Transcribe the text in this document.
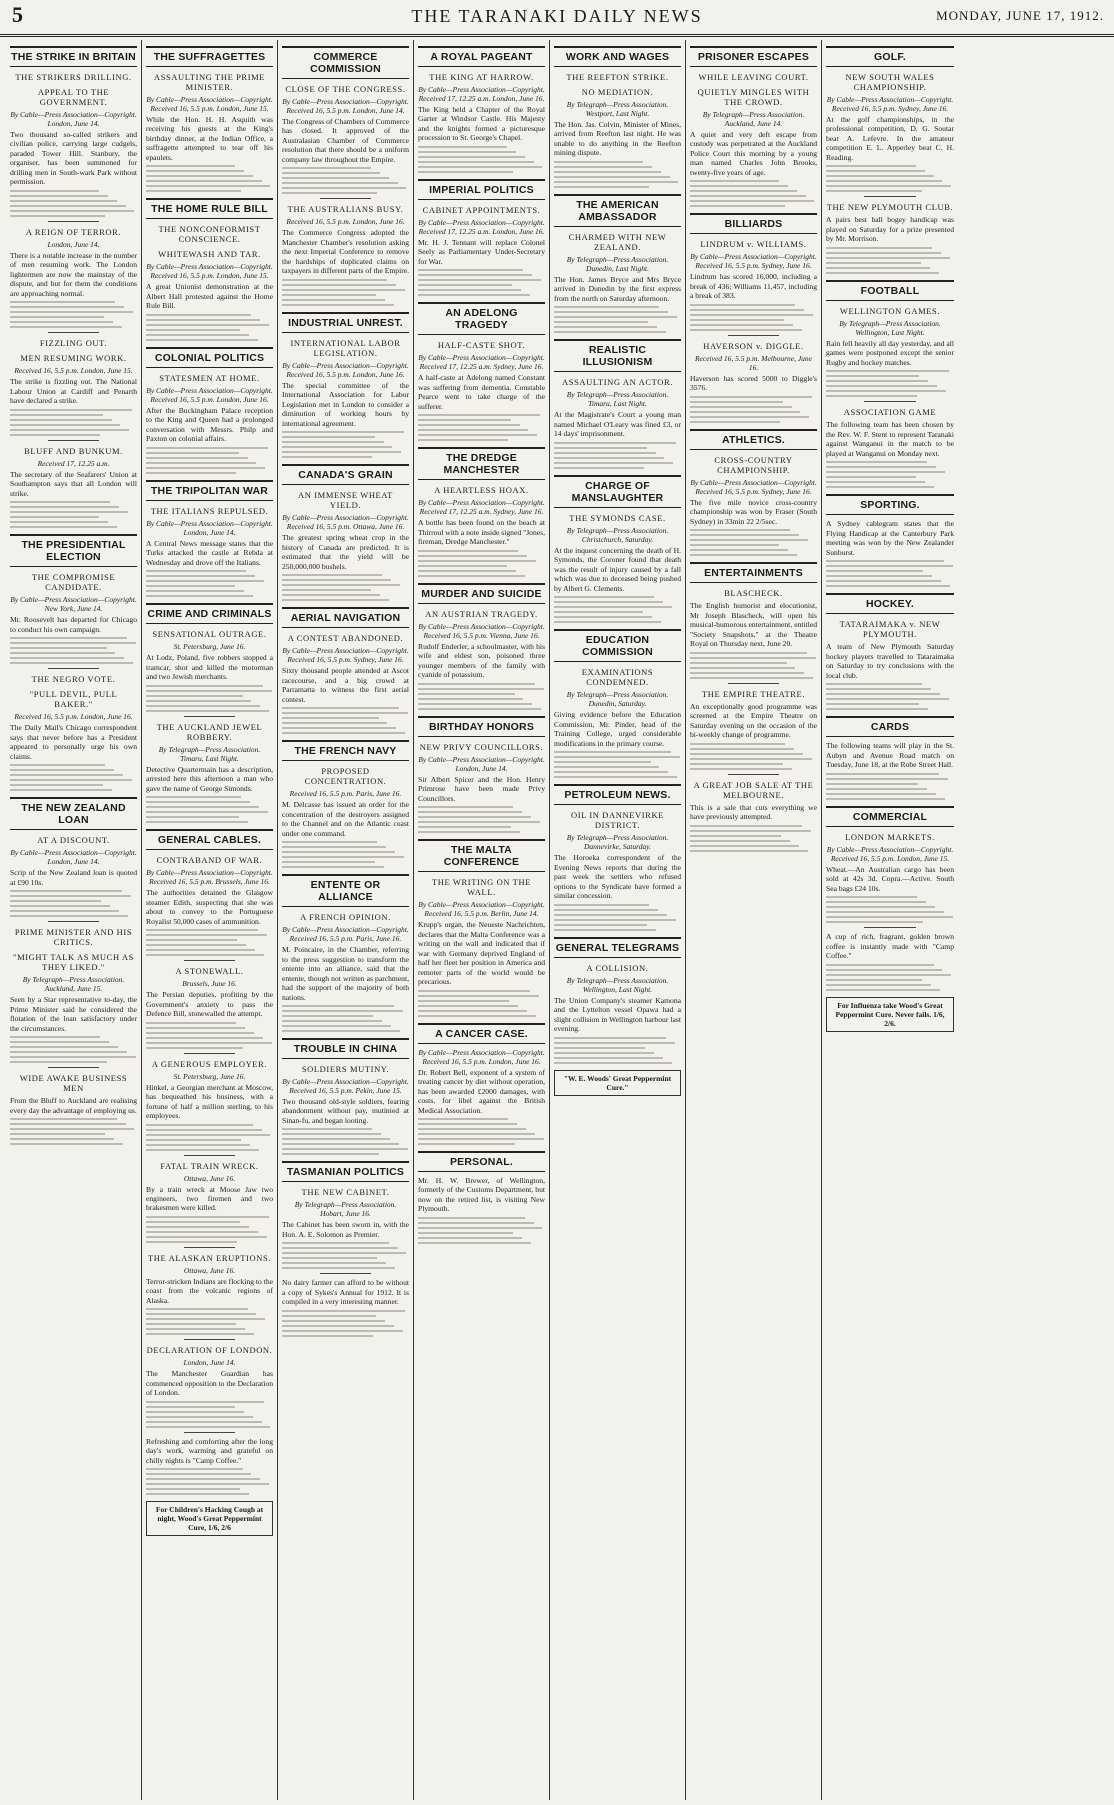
5	THE TARANAKI DAILY NEWS	MONDAY, JUNE 17, 1912.
THE STRIKE IN BRITAIN
THE STRIKERS DRILLING.
APPEAL TO THE GOVERNMENT.
By Cable—Press Association—Copyright. London, June 14.
Two thousand so-called strikers and civilian police, carrying large cudgels, paraded Tower Hill. Stanbury, the organiser, has been summoned for drilling men in South-wark Park without permission.
A REIGN OF TERROR.
London, June 14.
There is a notable increase in the number of men resuming work. The London lightermen are now the mainstay of the dispute, and but for them the conditions are approaching normal.
FIZZLING OUT.
MEN RESUMING WORK.
Received 16, 5.5 p.m. London, June 15.
The strike is fizzling out. The National Labour Union at Cardiff and Penarth have declared a strike.
BLUFF AND BUNKUM.
Received 17, 12.25 a.m.
The secretary of the Seafarers' Union at Southampton says that all London will strike.
THE PRESIDENTIAL ELECTION
THE COMPROMISE CANDIDATE.
By Cable—Press Association—Copyright. New York, June 14.
Mr. Roosevelt has departed for Chicago to conduct his own campaign.
THE NEGRO VOTE.
"PULL DEVIL, PULL BAKER."
Received 16, 5.5 p.m. London, June 16.
The Daily Mail's Chicago correspondent says that never before has a President appeared to personally urge his own claims.
THE NEW ZEALAND LOAN
AT A DISCOUNT.
By Cable—Press Association—Copyright. London, June 14.
Scrip of the New Zealand loan is quoted at £90 10s.
PRIME MINISTER AND HIS CRITICS.
"MIGHT TALK AS MUCH AS THEY LIKED."
By Telegraph—Press Association. Auckland, June 15.
Seen by a Star representative to-day, the Prime Minister said he considered the flotation of the loan satisfactory under the circumstances.
WIDE AWAKE BUSINESS MEN
From the Bluff to Auckland are realising every day the advantage of employing us.
THE SUFFRAGETTES
ASSAULTING THE PRIME MINISTER.
By Cable—Press Association—Copyright. Received 16, 5.5 p.m. London, June 15.
While the Hon. H. H. Asquith was receiving his guests at the King's birthday dinner, at the Indian Office, a suffragette attempted to tear off his epaulets.
THE HOME RULE BILL
THE NONCONFORMIST CONSCIENCE.
WHITEWASH AND TAR.
By Cable—Press Association—Copyright. Received 16, 5.5 p.m. London, June 15.
A great Unionist demonstration at the Albert Hall protested against the Home Rule Bill.
COLONIAL POLITICS
STATESMEN AT HOME.
By Cable—Press Association—Copyright. Received 16, 5.5 p.m. London, June 16.
After the Buckingham Palace reception to the King and Queen had a prolonged conversation with Messrs. Philp and Paxton on colonial affairs.
THE TRIPOLITAN WAR
THE ITALIANS REPULSED.
By Cable—Press Association—Copyright. London, June 14.
A Central News message states that the Turks attacked the castle at Rebda at Wednesday and drove off the Italians.
CRIME AND CRIMINALS
SENSATIONAL OUTRAGE.
St. Petersburg, June 16.
At Lodz, Poland, five robbers stopped a tramcar, shot and killed the motorman and two Jewish merchants.
THE AUCKLAND JEWEL ROBBERY.
By Telegraph—Press Association. Timaru, Last Night.
Detective Quartermain has a description, arrested here this afternoon a man who gave the name of George Simonds.
GENERAL CABLES.
CONTRABAND OF WAR.
By Cable—Press Association—Copyright. Received 16, 5.5 p.m. Brussels, June 16.
The authorities detained the Glasgow steamer Edith, suspecting that she was about to convey to the Portuguese Royalist 50,000 cases of ammunition.
A STONEWALL.
Brussels, June 16.
The Persian deputies, profiting by the Government's anxiety to pass the Defence Bill, stonewalled the attempt.
A GENEROUS EMPLOYER.
St. Petersburg, June 16.
Hinkel, a Georgian merchant at Moscow, has bequeathed his business, with a fortune of half a million sterling, to his employees.
FATAL TRAIN WRECK.
Ottawa, June 16.
By a train wreck at Moose Jaw two engineers, two firemen and two brakesmen were killed.
THE ALASKAN ERUPTIONS.
Ottawa, June 16.
Terror-stricken Indians are flocking to the coast from the volcanic regions of Alaska.
DECLARATION OF LONDON.
London, June 14.
The Manchester Guardian has commenced opposition to the Declaration of London.
Refreshing and comforting after the long day's work, warming and grateful on chilly nights is "Camp Coffee."
For Children's Hacking Cough at night, Wood's Great Peppermint Cure, 1/6, 2/6
COMMERCE COMMISSION
CLOSE OF THE CONGRESS.
By Cable—Press Association—Copyright. Received 16, 5.5 p.m. London, June 14.
The Congress of Chambers of Commerce has closed. It approved of the Australasian Chamber of Commerce resolution that there should be a uniform company law throughout the Empire.
THE AUSTRALIANS BUSY.
Received 16, 5.5 p.m. London, June 16.
The Commerce Congress adopted the Manchester Chamber's resolution asking the next Imperial Conference to remove the hardships of duplicated claims on taxpayers in different parts of the Empire.
INDUSTRIAL UNREST.
INTERNATIONAL LABOR LEGISLATION.
By Cable—Press Association—Copyright. Received 16, 5.5 p.m. London, June 16.
The special committee of the International Association for Labor Legislation met in London to consider a diminution of working hours by international agreement.
CANADA'S GRAIN
AN IMMENSE WHEAT YIELD.
By Cable—Press Association—Copyright. Received 16, 5.5 p.m. Ottawa, June 16.
The greatest spring wheat crop in the history of Canada are predicted. It is estimated that the yield will be 250,000,000 bushels.
AERIAL NAVIGATION
A CONTEST ABANDONED.
By Cable—Press Association—Copyright. Received 16, 5.5 p.m. Sydney, June 16.
Sixty thousand people attended at Ascot racecourse, and a big crowd at Parramatta to witness the first aerial contest.
THE FRENCH NAVY
PROPOSED CONCENTRATION.
Received 16, 5.5 p.m. Paris, June 16.
M. Delcasse has issued an order for the concentration of the destroyers assigned to the Channel and on the Atlantic coast under one command.
ENTENTE OR ALLIANCE
A FRENCH OPINION.
By Cable—Press Association—Copyright. Received 16, 5.5 p.m. Paris, June 16.
M. Poincaire, in the Chamber, referring to the press suggestion to transform the entente into an alliance, said that the entente, though not written as parchment, had the support of the majority of both nations.
TROUBLE IN CHINA
SOLDIERS MUTINY.
By Cable—Press Association—Copyright. Received 16, 5.5 p.m. Pekin, June 15.
Two thousand old-style soldiers, fearing abandonment without pay, mutinied at Sinan-fu, and began looting.
TASMANIAN POLITICS
THE NEW CABINET.
By Telegraph—Press Association. Hobart, June 16.
The Cabinet has been sworn in, with the Hon. A. E. Solomon as Premier.
No dairy farmer can afford to be without a copy of Sykes's Annual for 1912. It is compiled in a very interesting manner.
A ROYAL PAGEANT
THE KING AT HARROW.
By Cable—Press Association—Copyright. Received 17, 12.25 a.m. London, June 16.
The King held a Chapter of the Royal Garter at Windsor Castle. His Majesty and the knights formed a picturesque procession to St. George's Chapel.
IMPERIAL POLITICS
CABINET APPOINTMENTS.
By Cable—Press Association—Copyright. Received 17, 12.25 a.m. London, June 16.
Mr. H. J. Tennant will replace Colonel Seely as Parliamentary Under-Secretary for War.
AN ADELONG TRAGEDY
HALF-CASTE SHOT.
By Cable—Press Association—Copyright. Received 17, 12.25 a.m. Sydney, June 16.
A half-caste at Adelong named Constant was suffering from dementia. Constable Pearce went to take charge of the sufferer.
THE DREDGE MANCHESTER
A HEARTLESS HOAX.
By Cable—Press Association—Copyright. Received 17, 12.25 a.m. Sydney, June 16.
A bottle has been found on the beach at Thirroul with a note inside signed "Jones, fireman, Dredge Manchester."
MURDER AND SUICIDE
AN AUSTRIAN TRAGEDY.
By Cable—Press Association—Copyright. Received 16, 5.5 p.m. Vienna, June 16.
Rudolf Enderler, a schoolmaster, with his wife and eldest son, poisoned three younger members of the family with cyanide of potassium.
BIRTHDAY HONORS
NEW PRIVY COUNCILLORS.
By Cable—Press Association—Copyright. London, June 14.
Sir Albert Spicer and the Hon. Henry Primrose have been made Privy Councillors.
THE MALTA CONFERENCE
THE WRITING ON THE WALL.
By Cable—Press Association—Copyright. Received 16, 5.5 p.m. Berlin, June 14.
Krupp's organ, the Neueste Nachrichten, declares that the Malta Conference was a writing on the wall and indicated that if war with Germany deprived England of half her fleet her position in America and remoter parts of the world would be precarious.
A CANCER CASE.
By Cable—Press Association—Copyright. Received 16, 5.5 p.m. London, June 16.
Dr. Robert Bell, exponent of a system of treating cancer by diet without operation, has been awarded £2000 damages, with costs, for libel against the British Medical Association.
PERSONAL.
Mr. H. W. Brewer, of Wellington, formerly of the Customs Department, but now on the retired list, is visiting New Plymouth.
WORK AND WAGES
THE REEFTON STRIKE.
NO MEDIATION.
By Telegraph—Press Association. Westport, Last Night.
The Hon. Jas. Colvin, Minister of Mines, arrived from Reefton last night. He was unable to do anything in the Reefton mining dispute.
THE AMERICAN AMBASSADOR
CHARMED WITH NEW ZEALAND.
By Telegraph—Press Association. Dunedin, Last Night.
The Hon. James Bryce and Mrs Bryce arrived in Dunedin by the first express from the north on Saturday afternoon.
REALISTIC ILLUSIONISM
ASSAULTING AN ACTOR.
By Telegraph—Press Association. Timaru, Last Night.
At the Magistrate's Court a young man named Michael O'Leary was fined £3, or 14 days' imprisonment.
CHARGE OF MANSLAUGHTER
THE SYMONDS CASE.
By Telegraph—Press Association. Christchurch, Saturday.
At the inquest concerning the death of H. Symonds, the Coroner found that death was the result of injury caused by a fall which was due to deceased being pushed by Albert G. Clements.
EDUCATION COMMISSION
EXAMINATIONS CONDEMNED.
By Telegraph—Press Association. Dunedin, Saturday.
Giving evidence before the Education Commission, Mr. Pinder, head of the Training College, urged considerable modifications in the primary course.
PETROLEUM NEWS.
OIL IN DANNEVIRKE DISTRICT.
By Telegraph—Press Association. Dannevirke, Saturday.
The Horoeka correspondent of the Evening News reports that during the past week the settlers who refused options to the Syndicate have formed a similar concession.
GENERAL TELEGRAMS
A COLLISION.
By Telegraph—Press Association. Wellington, Last Night.
The Union Company's steamer Kamona and the Lyttelton vessel Opawa had a slight collision in Wellington harbour last evening.
"W. E. Woods' Great Peppermint Cure."
PRISONER ESCAPES
WHILE LEAVING COURT.
QUIETLY MINGLES WITH THE CROWD.
By Telegraph—Press Association. Auckland, June 14.
A quiet and very deft escape from custody was perpetrated at the Auckland Police Court this morning by a young man named Charles John Brooks, twenty-five years of age.
BILLIARDS
LINDRUM v. WILLIAMS.
By Cable—Press Association—Copyright. Received 16, 5.5 p.m. Sydney, June 16.
Lindrum has scored 16,000, including a break of 436; Williams 11,457, including a break of 383.
HAVERSON v. DIGGLE.
Received 16, 5.5 p.m. Melbourne, June 16.
Haverson has scored 5000 to Diggle's 3576.
ATHLETICS.
CROSS-COUNTRY CHAMPIONSHIP.
By Cable—Press Association—Copyright. Received 16, 5.5 p.m. Sydney, June 16.
The five mile novice cross-country championship was won by Fraser (South Sydney) in 33min 22 2/5sec.
ENTERTAINMENTS
BLASCHECK.
The English humorist and elocutionist, Mr Joseph Blascheck, will open his musical-humorous entertainment, entitled "Society Snapshots," at the Theatre Royal on Thursday next, June 20.
THE EMPIRE THEATRE.
An exceptionally good programme was screened at the Empire Theatre on Saturday evening on the occasion of the bi-weekly change of programme.
A GREAT JOB SALE AT THE MELBOURNE.
This is a sale that cuts everything we have previously attempted.
GOLF.
NEW SOUTH WALES CHAMPIONSHIP.
By Cable—Press Association—Copyright. Received 16, 5.5 p.m. Sydney, June 16.
At the golf championships, in the professional competition, D. G. Soutar beat A. Lefevre. In the amateur competition E. L. Apperley beat C. H. Reading.
THE NEW PLYMOUTH CLUB.
A pairs best ball bogey handicap was played on Saturday for a prize presented by Mr. Morrison.
FOOTBALL
WELLINGTON GAMES.
By Telegraph—Press Association. Wellington, Last Night.
Rain fell heavily all day yesterday, and all games were postponed except the senior Rugby and hockey matches.
ASSOCIATION GAME
The following team has been chosen by the Rev. W. F. Stent to represent Taranaki against Wanganui in the match to be played at Wanganui on Monday next.
SPORTING.
A Sydney cablegram states that the Flying Handicap at the Canterbury Park meeting was won by the New Zealander Sunburst.
HOCKEY.
TATARAIMAKA v. NEW PLYMOUTH.
A team of New Plymouth Saturday hockey players travelled to Tataraimaka on Saturday to try conclusions with the local club.
CARDS
The following teams will play in the St. Aubyn and Avenue Road match on Tuesday, June 18, at the Robe Street Hall.
COMMERCIAL
LONDON MARKETS.
By Cable—Press Association—Copyright. Received 16, 5.5 p.m. London, June 15.
Wheat.—An Australian cargo has been sold at 42s 3d. Copra.—Active. South Sea bags £24 10s.
A cup of rich, fragrant, golden brown coffee is instantly made with "Camp Coffee."
For Influenza take Wood's Great Peppermint Cure. Never fails. 1/6, 2/6.
